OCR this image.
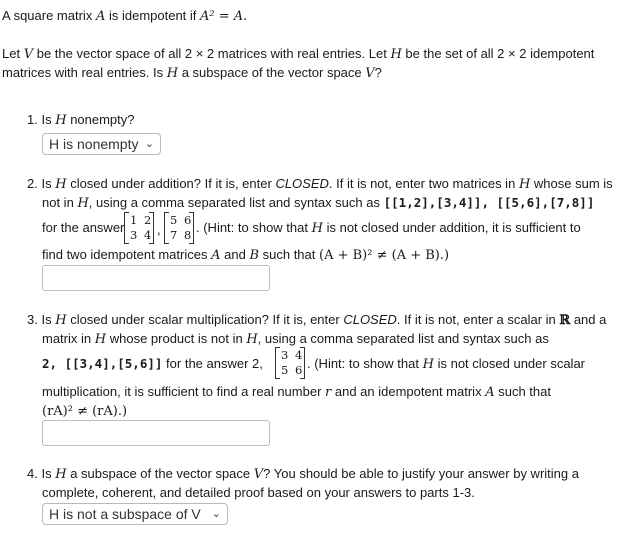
A square matrix A is idempotent if A² = A.
Let V be the vector space of all 2 × 2 matrices with real entries. Let H be the set of all 2 × 2 idempotent
matrices with real entries. Is H a subspace of the vector space V?
1. Is H nonempty?
H is nonempty ⌄
2. Is H closed under addition? If it is, enter CLOSED. If it is not, enter two matrices in H whose sum is
not in H, using a comma separated list and syntax such as [[1,2],[3,4]], [[5,6],[7,8]]
for the answer 1 2
3 4 ,
5 6
7 8 . (Hint: to show that H is not closed under addition, it is sufficient to
find two idempotent matrices A and B such that (A + B)² ≠ (A + B).)
3. Is H closed under scalar multiplication? If it is, enter CLOSED. If it is not, enter a scalar in ℝ and a
matrix in H whose product is not in H, using a comma separated list and syntax such as
2, [[3,4],[5,6]] for the answer 2,
3 4
5 6 . (Hint: to show that H is not closed under scalar
multiplication, it is sufficient to find a real number r and an idempotent matrix A such that
(rA)² ≠ (rA).)
4. Is H a subspace of the vector space V? You should be able to justify your answer by writing a
complete, coherent, and detailed proof based on your answers to parts 1-3.
H is not a subspace of V ⌄
